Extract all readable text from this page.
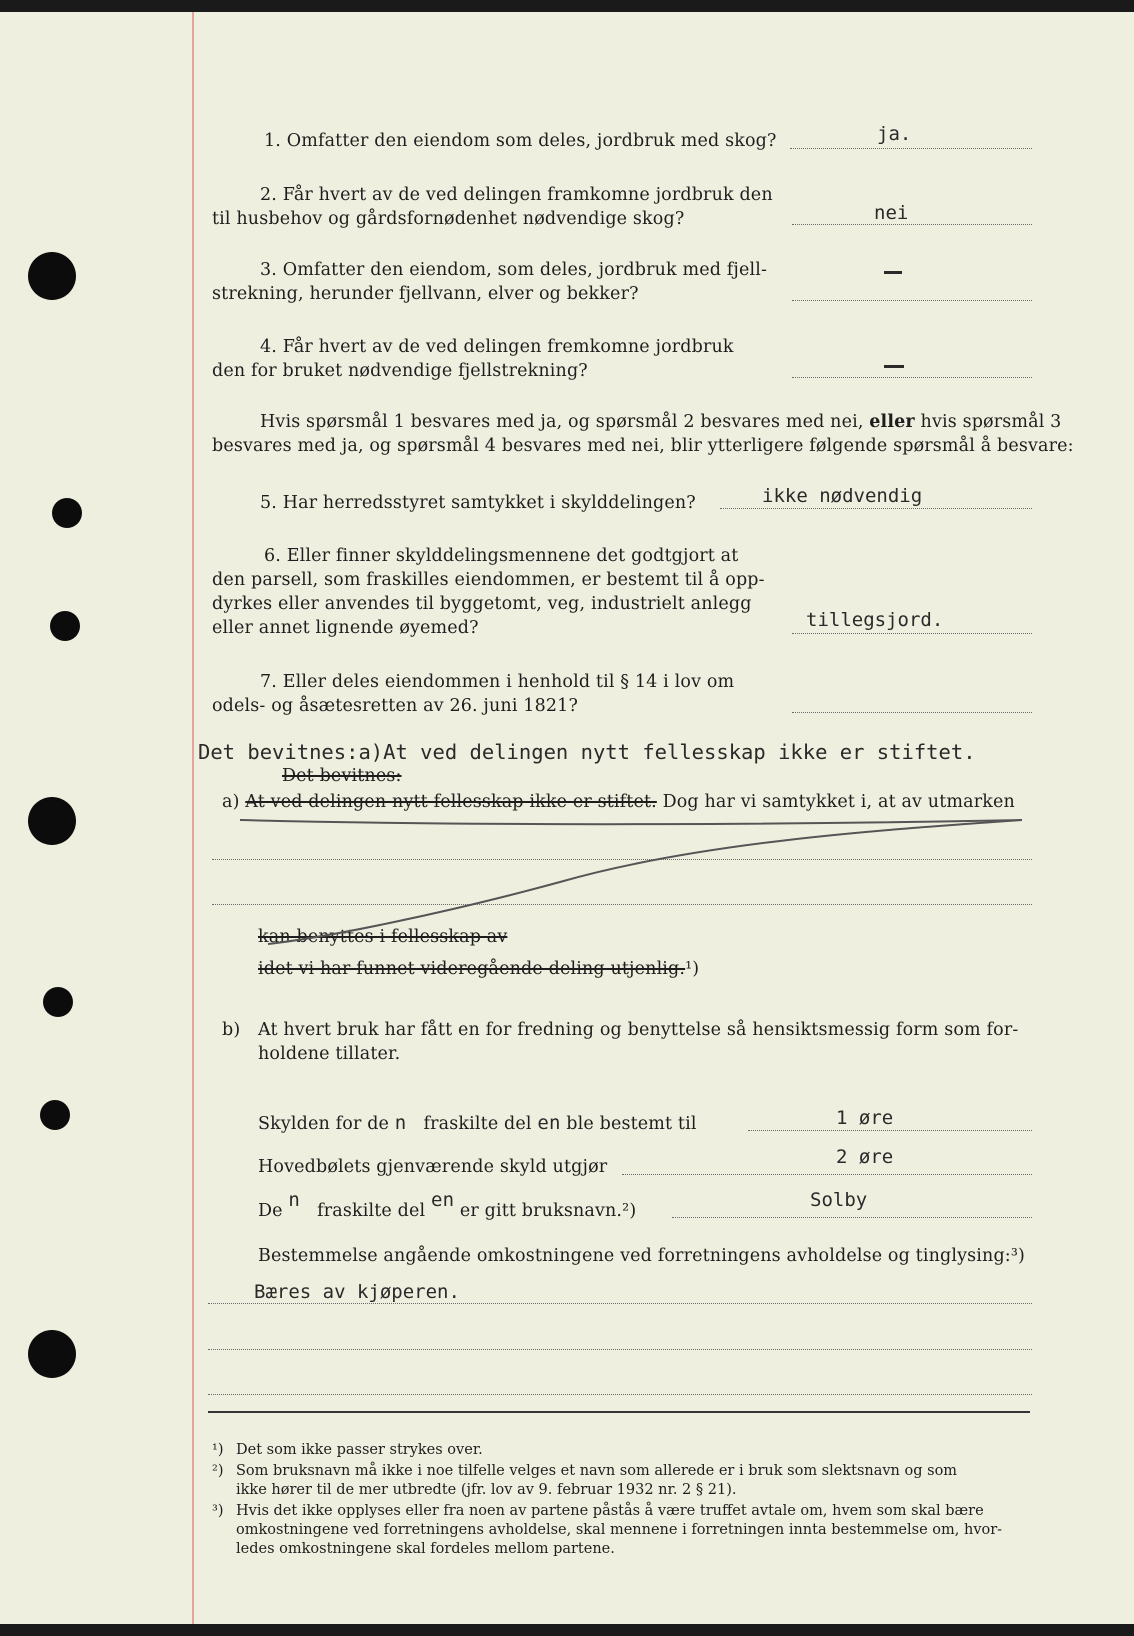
1. Omfatter den eiendom som deles, jordbruk med skog?	ja.
2. Får hvert av de ved delingen framkomne jordbruk den
til husbehov og gårdsfornødenhet nødvendige skog?	nei
3. Omfatter den eiendom, som deles, jordbruk med fjell-
strekning, herunder fjellvann, elver og bekker?
4. Får hvert av de ved delingen fremkomne jordbruk
den for bruket nødvendige fjellstrekning?
Hvis spørsmål 1 besvares med ja, og spørsmål 2 besvares med nei, eller hvis spørsmål 3
besvares med ja, og spørsmål 4 besvares med nei, blir ytterligere følgende spørsmål å besvare:
5. Har herredsstyret samtykket i skylddelingen?	ikke nødvendig
6. Eller finner skylddelingsmennene det godtgjort at
den parsell, som fraskilles eiendommen, er bestemt til å opp-
dyrkes eller anvendes til byggetomt, veg, industrielt anlegg
eller annet lignende øyemed?	tillegsjord.
7. Eller deles eiendommen i henhold til § 14 i lov om
odels- og åsætesretten av 26. juni 1821?
Det bevitnes:a)At ved delingen nytt fellesskap ikke er stiftet.
Det bevitnes:
a) At ved delingen nytt fellesskap ikke er stiftet. Dog har vi samtykket i, at av utmarken
kan benyttes i fellesskap av
idet vi har funnet videregående deling utjenlig.¹)
b) At hvert bruk har fått en for fredning og benyttelse så hensiktsmessig form som for-
holdene tillater.
Skylden for de n fraskilte del en ble bestemt til	1 øre
Hovedbølets gjenværende skyld utgjør	2 øre
De n fraskilte del en er gitt bruksnavn.²)	Solby
Bestemmelse angående omkostningene ved forretningens avholdelse og tinglysing:³)
Bæres av kjøperen.
¹) Det som ikke passer strykes over.
²) Som bruksnavn må ikke i noe tilfelle velges et navn som allerede er i bruk som slektsnavn og som
ikke hører til de mer utbredte (jfr. lov av 9. februar 1932 nr. 2 § 21).
³) Hvis det ikke opplyses eller fra noen av partene påstås å være truffet avtale om, hvem som skal bære
omkostningene ved forretningens avholdelse, skal mennene i forretningen innta bestemmelse om, hvor-
ledes omkostningene skal fordeles mellom partene.
